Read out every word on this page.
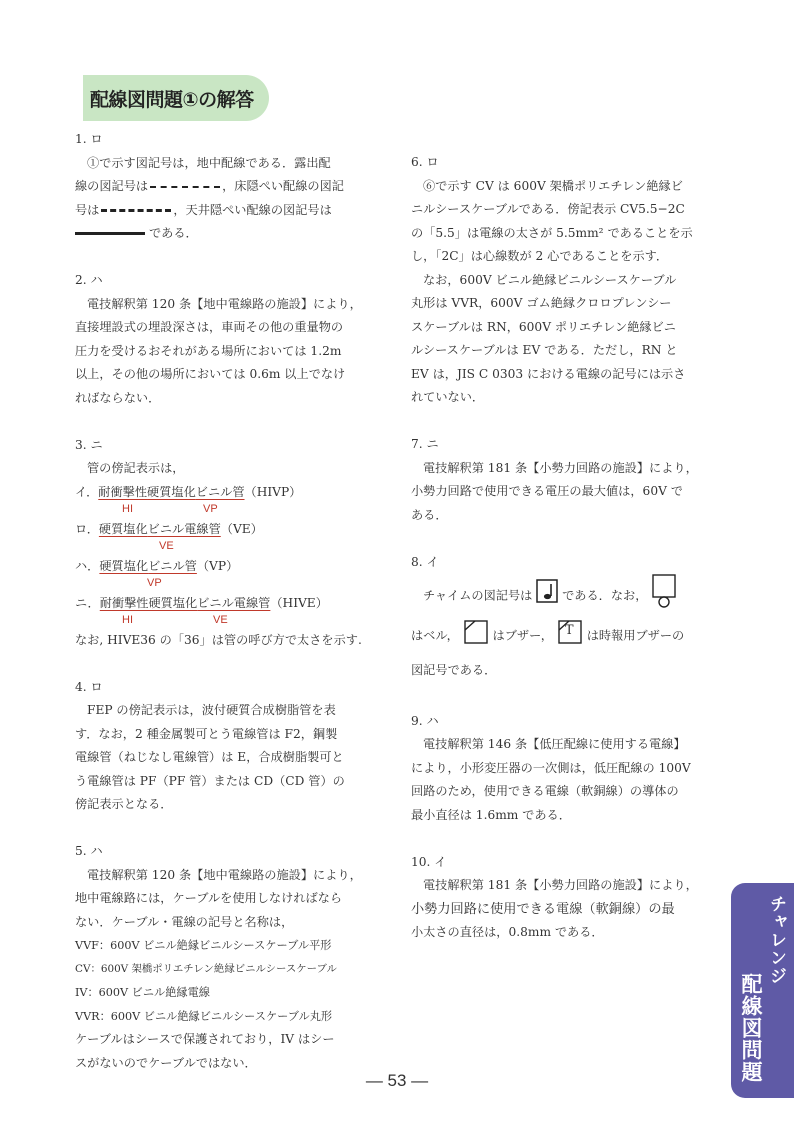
配線図問題①の解答

1. ロ

①で示す図記号は，地中配線である．露出配

線の図記号は	，床隠ぺい配線の図記

号は	，天井隠ぺい配線の図記号は

である．

2. ハ

電技解釈第 120 条【地中電線路の施設】により，

直接埋設式の埋設深さは，車両その他の重量物の

圧力を受けるおそれがある場所においては 1.2m

以上，その他の場所においては 0.6m 以上でなけ

ればならない．

3. ニ

管の傍記表示は，

イ．耐衝撃性硬質塩化ビニル管（HIVP）

HI	VP

ロ．硬質塩化ビニル電線管（VE）

VE

ハ．硬質塩化ビニル管（VP）

VP

ニ．耐衝撃性硬質塩化ビニル電線管（HIVE）

HI	VE

なお, HIVE36 の「36」は管の呼び方で太さを示す.

4. ロ

FEP の傍記表示は，波付硬質合成樹脂管を表

す．なお，2 種金属製可とう電線管は F2，鋼製

電線管（ねじなし電線管）は E，合成樹脂製可と

う電線管は PF（PF 管）または CD（CD 管）の

傍記表示となる．

5. ハ

電技解釈第 120 条【地中電線路の施設】により，

地中電線路には，ケーブルを使用しなければなら

ない．ケーブル・電線の記号と名称は，

VVF：600V ビニル絶縁ビニルシースケーブル平形

CV：600V 架橋ポリエチレン絶縁ビニルシースケーブル

IV：600V ビニル絶縁電線

VVR：600V ビニル絶縁ビニルシースケーブル丸形

ケーブルはシースで保護されており，IV はシー

スがないのでケーブルではない．

6. ロ

⑥で示す CV は 600V 架橋ポリエチレン絶縁ビ

ニルシースケーブルである．傍記表示 CV5.5−2C

の「5.5」は電線の太さが 5.5mm² であることを示

し，「2C」は心線数が 2 心であることを示す．

なお，600V ビニル絶縁ビニルシースケーブル

丸形は VVR，600V ゴム絶縁クロロプレンシー

スケーブルは RN，600V ポリエチレン絶縁ビニ

ルシースケーブルは EV である．ただし，RN と

EV は，JIS C 0303 における電線の記号には示さ

れていない．

7. ニ

電技解釈第 181 条【小勢力回路の施設】により，

小勢力回路で使用できる電圧の最大値は，60V で

ある．

8. イ

チャイムの図記号は である．なお，

はベル，	はブザー， T は時報用ブザーの

図記号である．

9. ハ

電技解釈第 146 条【低圧配線に使用する電線】

により，小形変圧器の一次側は，低圧配線の 100V

回路のため，使用できる電線（軟銅線）の導体の

最小直径は 1.6mm である．

10. イ

電技解釈第 181 条【小勢力回路の施設】により，

小勢力回路に使用できる電線（軟銅線）の最

小太さの直径は，0.8mm である．	チャレンジ
配線図問題
― 53 ―
